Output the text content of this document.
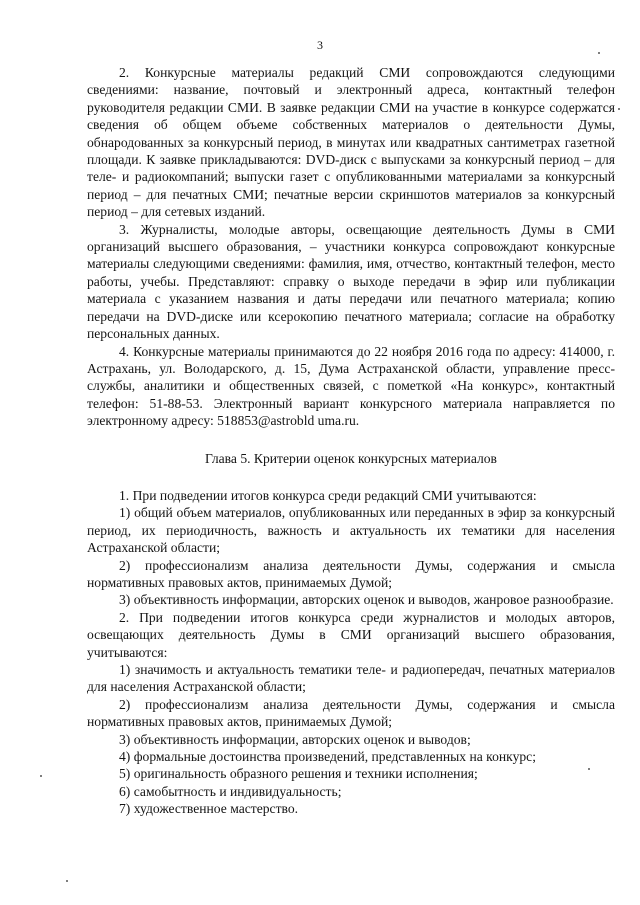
3

2. Конкурсные материалы редакций СМИ сопровождаются следующими сведениями: название, почтовый и электронный адреса, контактный телефон руководителя редакции СМИ. В заявке редакции СМИ на участие в конкурсе содержатся сведения об общем объеме собственных материалов о деятельности Думы, обнародованных за конкурсный период, в минутах или квадратных сантиметрах газетной площади. К заявке прикладываются: DVD-диск с выпусками за конкурсный период – для теле- и радиокомпаний; выпуски газет с опубликованными материалами за конкурсный период – для печатных СМИ; печатные версии скриншотов материалов за конкурсный период – для сетевых изданий.

3. Журналисты, молодые авторы, освещающие деятельность Думы в СМИ организаций высшего образования, – участники конкурса сопровождают конкурсные материалы следующими сведениями: фамилия, имя, отчество, контактный телефон, место работы, учебы. Представляют: справку о выходе передачи в эфир или публикации материала с указанием названия и даты передачи или печатного материала; копию передачи на DVD-диске или ксерокопию печатного материала; согласие на обработку персональных данных.

4. Конкурсные материалы принимаются до 22 ноября 2016 года по адресу: 414000, г. Астрахань, ул. Володарского, д. 15, Дума Астраханской области, управление пресс-службы, аналитики и общественных связей, с пометкой «На конкурс», контактный телефон: 51-88-53. Электронный вариант конкурсного материала направляется по электронному адресу: 518853@astrobld uma.ru.

Глава 5. Критерии оценок конкурсных материалов

1. При подведении итогов конкурса среди редакций СМИ учитываются:

1) общий объем материалов, опубликованных или переданных в эфир за конкурсный период, их периодичность, важность и актуальность их тематики для населения Астраханской области;

2) профессионализм анализа деятельности Думы, содержания и смысла нормативных правовых актов, принимаемых Думой;

3) объективность информации, авторских оценок и выводов, жанровое разнообразие.

2. При подведении итогов конкурса среди журналистов и молодых авторов, освещающих деятельность Думы в СМИ организаций высшего образования, учитываются:

1) значимость и актуальность тематики теле- и радиопередач, печатных материалов для населения Астраханской области;

2) профессионализм анализа деятельности Думы, содержания и смысла нормативных правовых актов, принимаемых Думой;

3) объективность информации, авторских оценок и выводов;

4) формальные достоинства произведений, представленных на конкурс;

5) оригинальность образного решения и техники исполнения;

6) самобытность и индивидуальность;

7) художественное мастерство.
